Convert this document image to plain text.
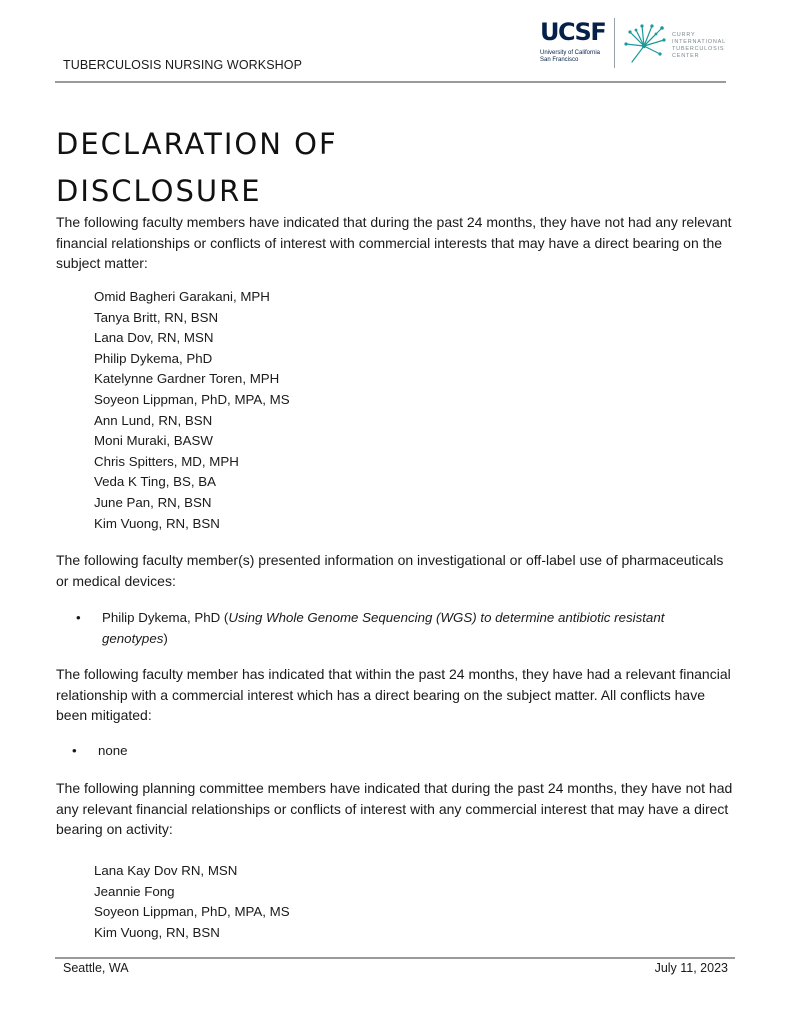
TUBERCULOSIS NURSING WORKSHOP
UCSF
University of California San Francisco
CURRY INTERNATIONAL TUBERCULOSIS CENTER
DECLARATION OF
DISCLOSURE

The following faculty members have indicated that during the past 24 months, they have not had any relevant financial relationships or conflicts of interest with commercial interests that may have a direct bearing on the subject matter:

Omid Bagheri Garakani, MPH
Tanya Britt, RN, BSN
Lana Dov, RN, MSN
Philip Dykema, PhD
Katelynne Gardner Toren, MPH
Soyeon Lippman, PhD, MPA, MS
Ann Lund, RN, BSN
Moni Muraki, BASW
Chris Spitters, MD, MPH
Veda K Ting, BS, BA
June Pan, RN, BSN
Kim Vuong, RN, BSN

The following faculty member(s) presented information on investigational or off-label use of pharmaceuticals or medical devices:

• Philip Dykema, PhD (Using Whole Genome Sequencing (WGS) to determine antibiotic resistant
genotypes)

The following faculty member has indicated that within the past 24 months, they have had a relevant financial relationship with a commercial interest which has a direct bearing on the subject matter. All conflicts have been mitigated:

• none

The following planning committee members have indicated that during the past 24 months, they have not had any relevant financial relationships or conflicts of interest with any commercial interest that may have a direct bearing on activity:

Lana Kay Dov RN, MSN
Jeannie Fong
Soyeon Lippman, PhD, MPA, MS
Kim Vuong, RN, BSN
Seattle, WA	July 11, 2023
